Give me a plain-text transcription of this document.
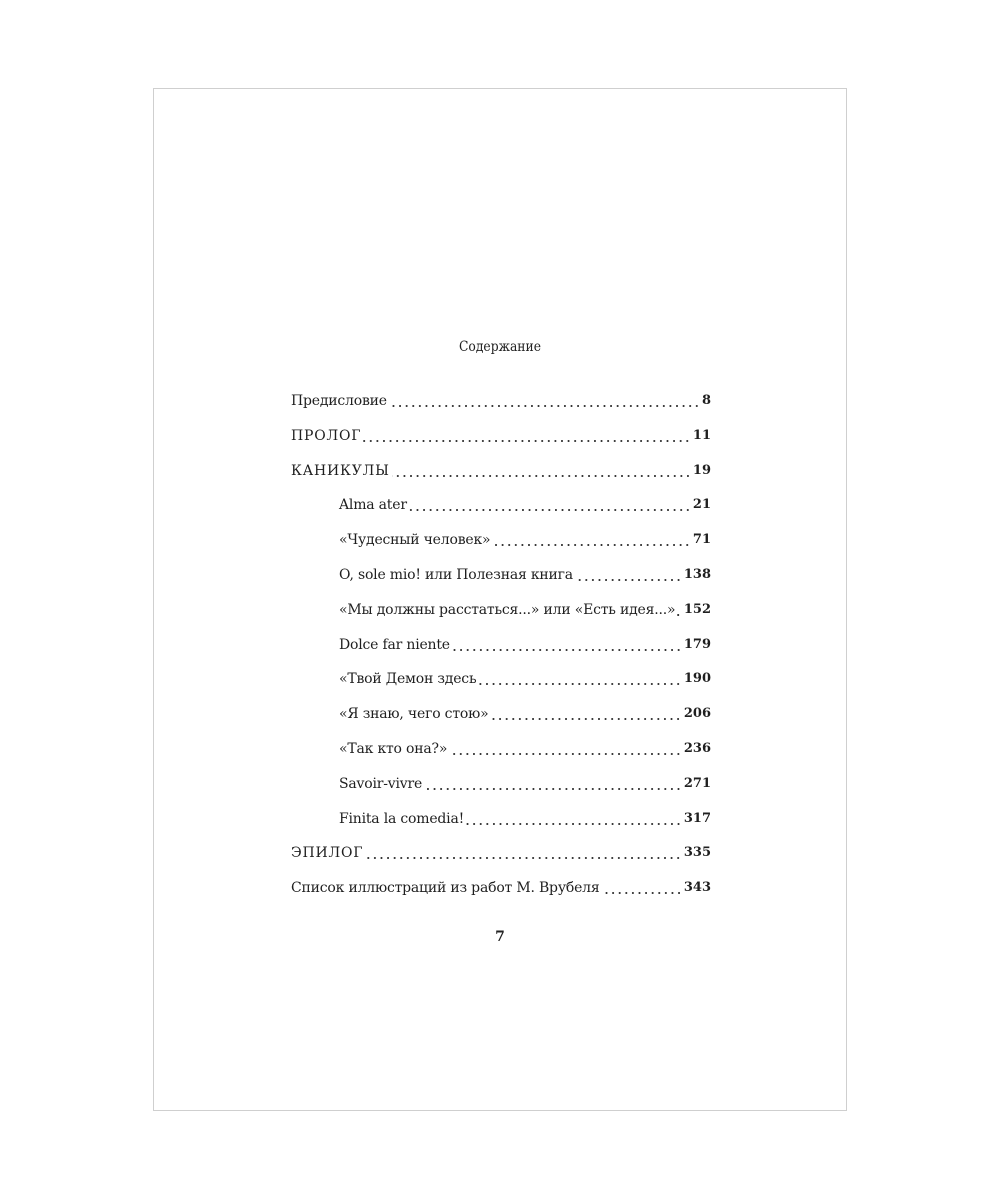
Содержание
Предисловие	8
ПРОЛОГ	11
КАНИКУЛЫ	19
Alma ater	21
«Чудесный человек»	71
O, sole mio! или Полезная книга	138
«Мы должны расстаться...» или «Есть идея...» 152
Dolce far niente	179
«Твой Демон здесь	190
«Я знаю, чего стою»	206
«Так кто она?»	236
Savoir-vivre	271
Finita la comedia!	317
ЭПИЛОГ	335
Список иллюстраций из работ М. Врубеля	343
7
